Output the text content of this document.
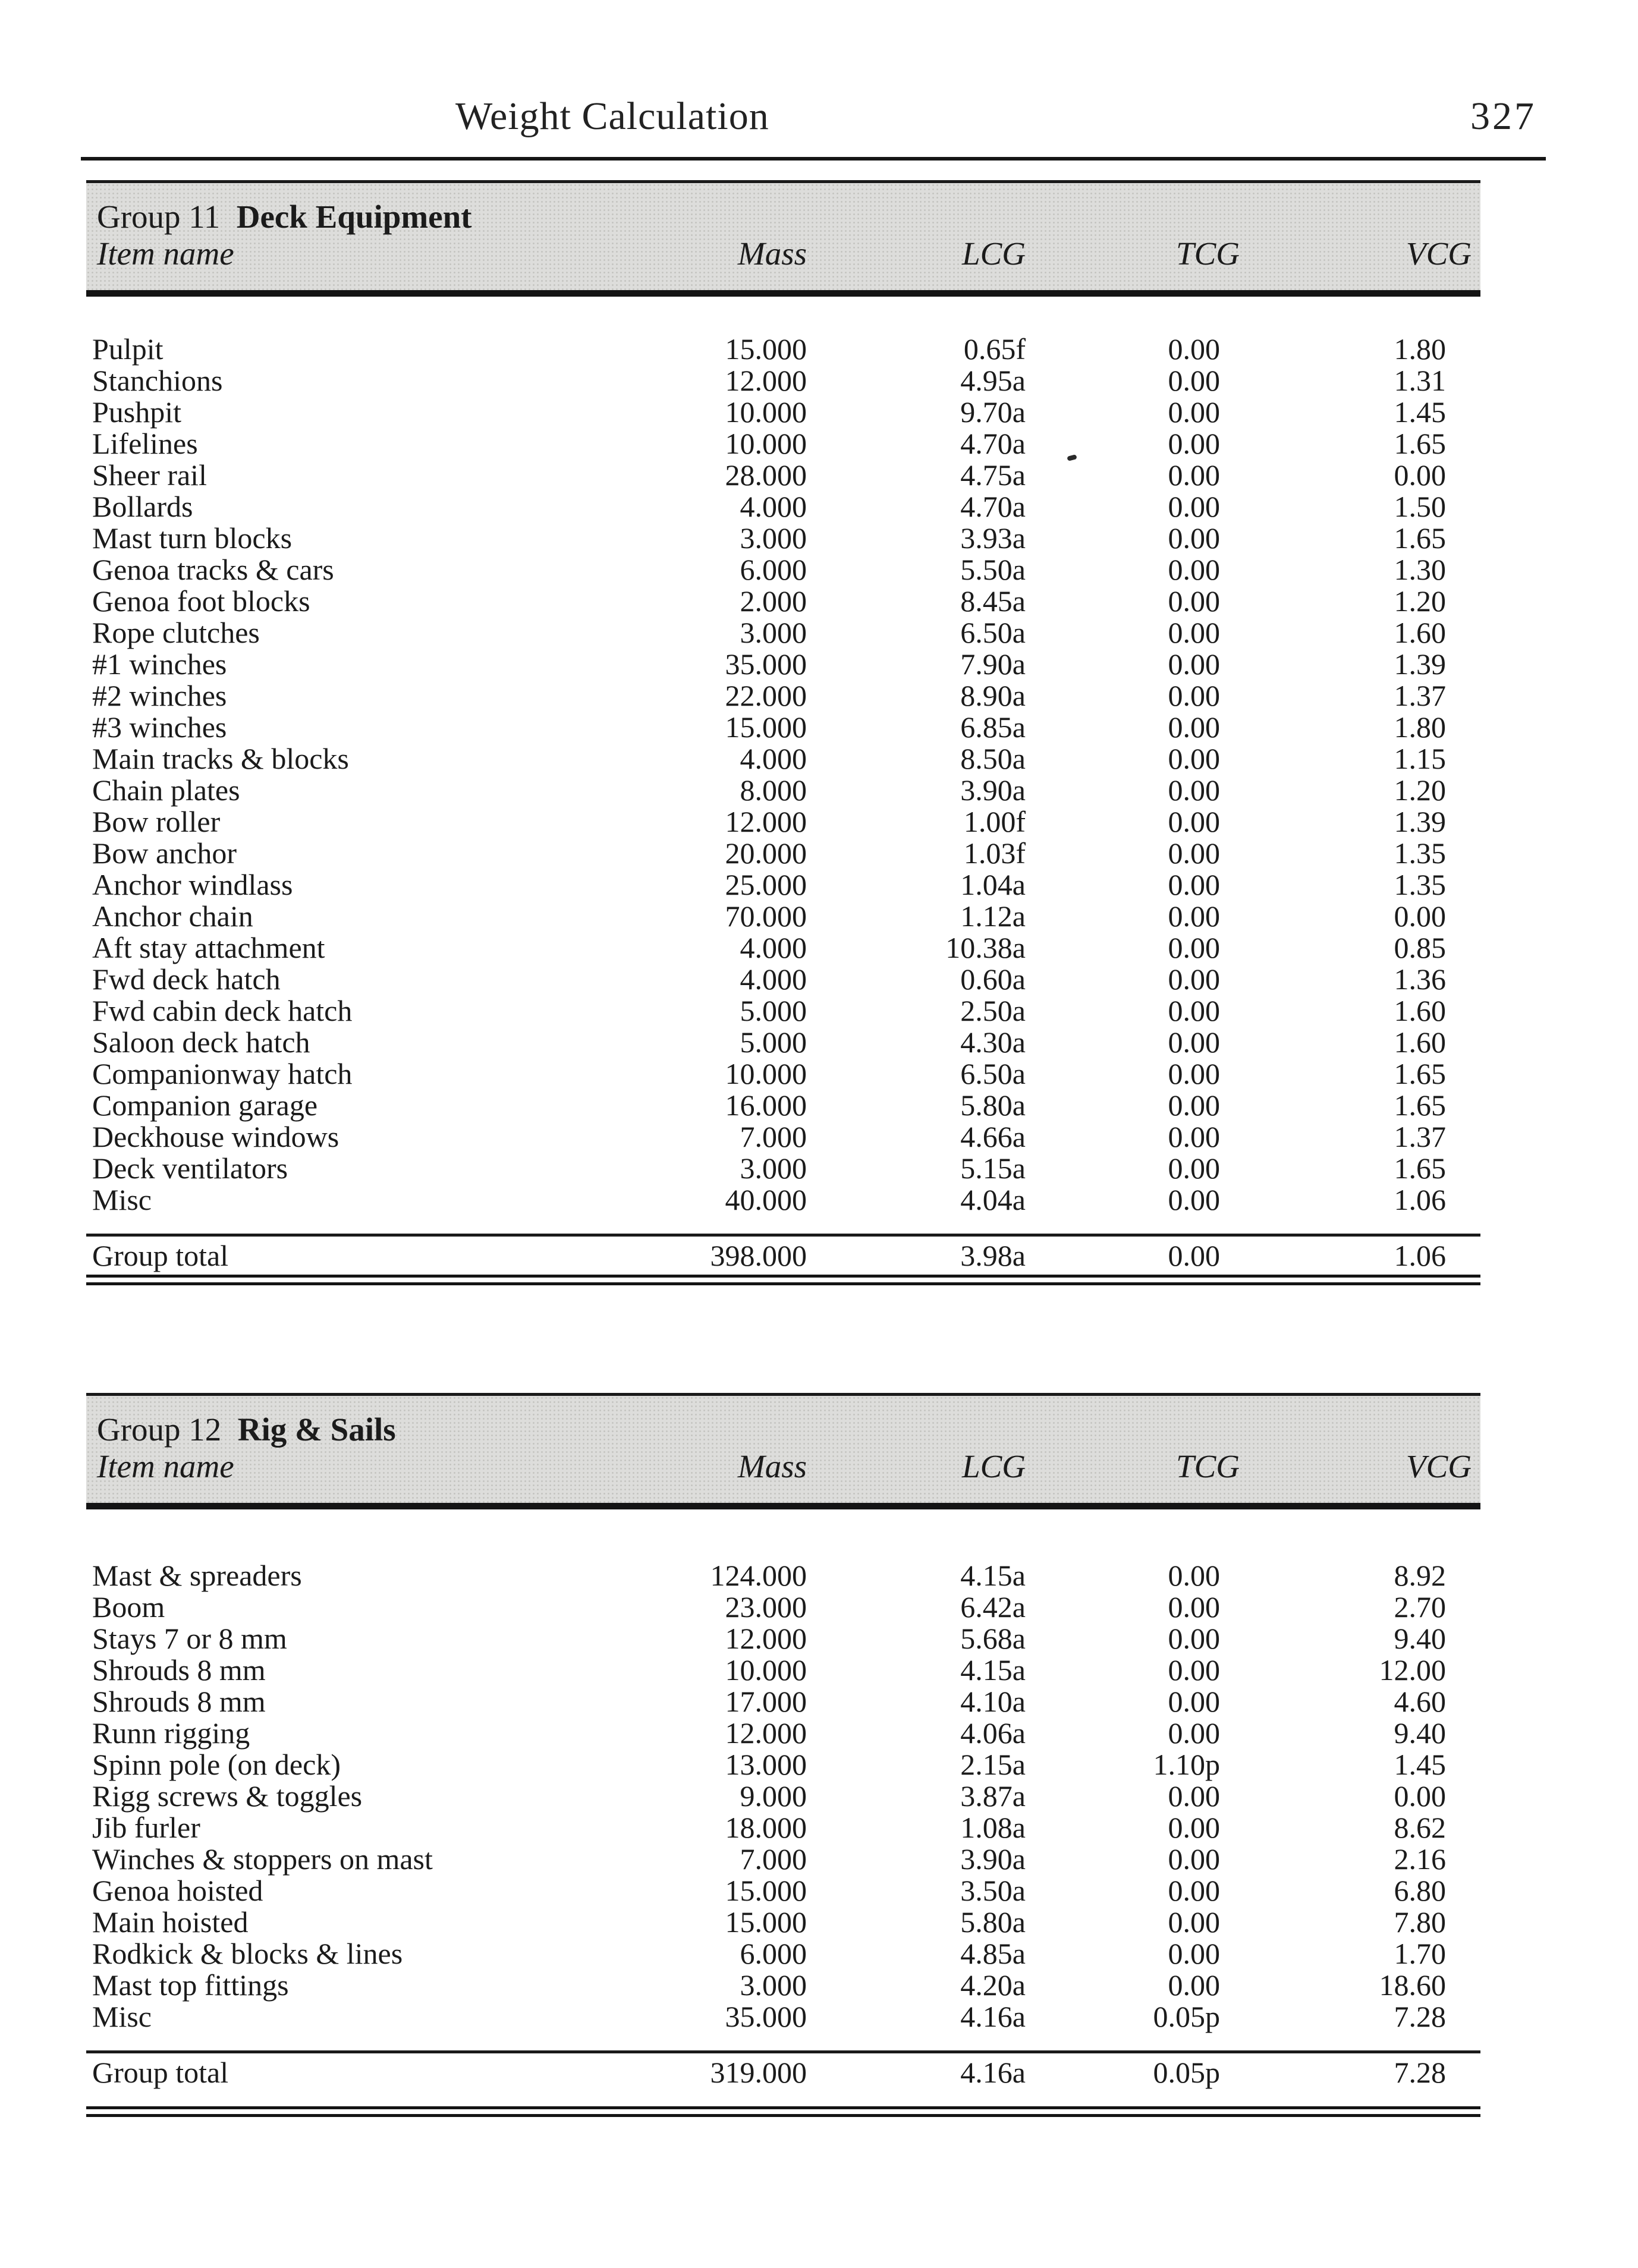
Weight Calculation	327
Group 11 Deck Equipment
Item name	Mass	LCG	TCG	VCG
Pulpit	15.000	0.65f	0.00	1.80
Stanchions	12.000	4.95a	0.00	1.31
Pushpit	10.000	9.70a	0.00	1.45
Lifelines	10.000	4.70a	0.00	1.65
Sheer rail	28.000	4.75a	0.00	0.00
Bollards	4.000	4.70a	0.00	1.50
Mast turn blocks	3.000	3.93a	0.00	1.65
Genoa tracks & cars	6.000	5.50a	0.00	1.30
Genoa foot blocks	2.000	8.45a	0.00	1.20
Rope clutches	3.000	6.50a	0.00	1.60
#1 winches	35.000	7.90a	0.00	1.39
#2 winches	22.000	8.90a	0.00	1.37
#3 winches	15.000	6.85a	0.00	1.80
Main tracks & blocks	4.000	8.50a	0.00	1.15
Chain plates	8.000	3.90a	0.00	1.20
Bow roller	12.000	1.00f	0.00	1.39
Bow anchor	20.000	1.03f	0.00	1.35
Anchor windlass	25.000	1.04a	0.00	1.35
Anchor chain	70.000	1.12a	0.00	0.00
Aft stay attachment	4.000	10.38a	0.00	0.85
Fwd deck hatch	4.000	0.60a	0.00	1.36
Fwd cabin deck hatch	5.000	2.50a	0.00	1.60
Saloon deck hatch	5.000	4.30a	0.00	1.60
Companionway hatch	10.000	6.50a	0.00	1.65
Companion garage	16.000	5.80a	0.00	1.65
Deckhouse windows	7.000	4.66a	0.00	1.37
Deck ventilators	3.000	5.15a	0.00	1.65
Misc	40.000	4.04a	0.00	1.06
Group total	398.000	3.98a	0.00	1.06
Group 12 Rig & Sails
Item name	Mass	LCG	TCG	VCG
Mast & spreaders	124.000	4.15a	0.00	8.92
Boom	23.000	6.42a	0.00	2.70
Stays 7 or 8 mm	12.000	5.68a	0.00	9.40
Shrouds 8 mm	10.000	4.15a	0.00	12.00
Shrouds 8 mm	17.000	4.10a	0.00	4.60
Runn rigging	12.000	4.06a	0.00	9.40
Spinn pole (on deck)	13.000	2.15a	1.10p	1.45
Rigg screws & toggles	9.000	3.87a	0.00	0.00
Jib furler	18.000	1.08a	0.00	8.62
Winches & stoppers on mast	7.000	3.90a	0.00	2.16
Genoa hoisted	15.000	3.50a	0.00	6.80
Main hoisted	15.000	5.80a	0.00	7.80
Rodkick & blocks & lines	6.000	4.85a	0.00	1.70
Mast top fittings	3.000	4.20a	0.00	18.60
Misc	35.000	4.16a	0.05p	7.28
Group total	319.000	4.16a	0.05p	7.28
